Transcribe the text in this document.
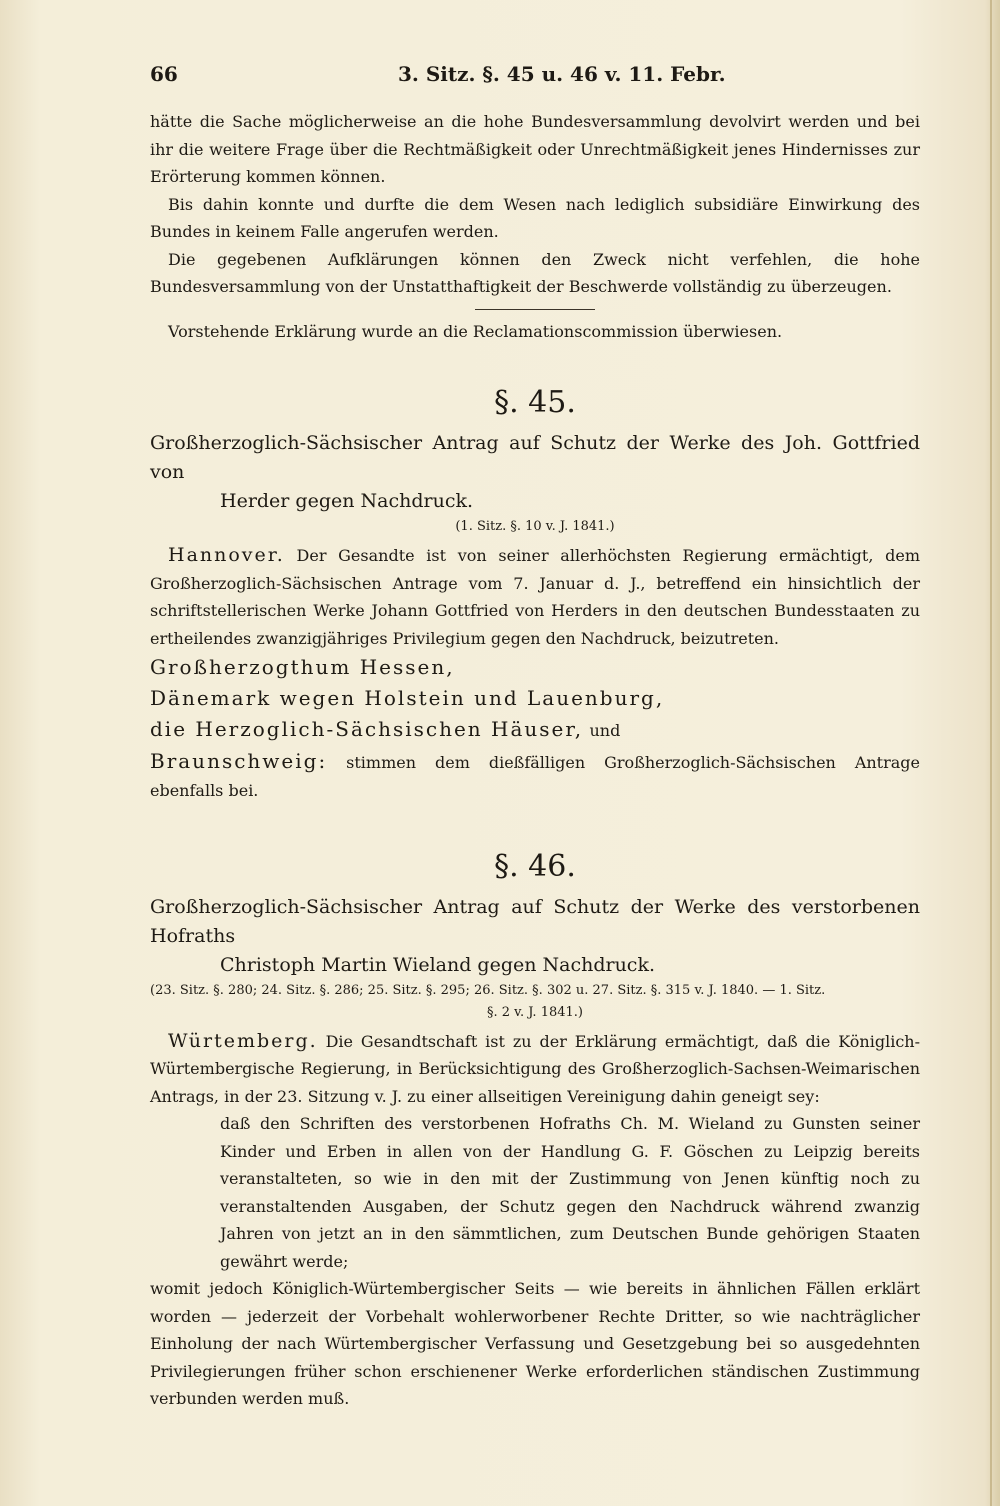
66	3. Sitz. §. 45 u. 46 v. 11. Febr.

hätte die Sache möglicherweise an die hohe Bundesversammlung devolvirt werden und bei ihr die weitere Frage über die Rechtmäßigkeit oder Unrechtmäßigkeit jenes Hindernisses zur Erörterung kommen können.

Bis dahin konnte und durfte die dem Wesen nach lediglich subsidiäre Einwirkung des Bundes in keinem Falle angerufen werden.

Die gegebenen Aufklärungen können den Zweck nicht verfehlen, die hohe Bundesversammlung von der Unstatthaftigkeit der Beschwerde vollständig zu überzeugen.

Vorstehende Erklärung wurde an die Reclamationscommission überwiesen.

§. 45.
Großherzoglich-Sächsischer Antrag auf Schutz der Werke des Joh. Gottfried von
Herder gegen Nachdruck.
(1. Sitz. §. 10 v. J. 1841.)

Hannover. Der Gesandte ist von seiner allerhöchsten Regierung ermächtigt, dem Großherzoglich-Sächsischen Antrage vom 7. Januar d. J., betreffend ein hinsichtlich der schriftstellerischen Werke Johann Gottfried von Herders in den deutschen Bundesstaaten zu ertheilendes zwanzigjähriges Privilegium gegen den Nachdruck, beizutreten.

Großherzogthum Hessen,
Dänemark wegen Holstein und Lauenburg,
die Herzoglich-Sächsischen Häuser, und

Braunschweig: stimmen dem dießfälligen Großherzoglich-Sächsischen Antrage ebenfalls bei.

§. 46.
Großherzoglich-Sächsischer Antrag auf Schutz der Werke des verstorbenen Hofraths
Christoph Martin Wieland gegen Nachdruck.
(23. Sitz. §. 280; 24. Sitz. §. 286; 25. Sitz. §. 295; 26. Sitz. §. 302 u. 27. Sitz. §. 315 v. J. 1840. — 1. Sitz.
§. 2 v. J. 1841.)

Würtemberg. Die Gesandtschaft ist zu der Erklärung ermächtigt, daß die Königlich-Würtembergische Regierung, in Berücksichtigung des Großherzoglich-Sachsen-Weimarischen Antrags, in der 23. Sitzung v. J. zu einer allseitigen Vereinigung dahin geneigt sey:

daß den Schriften des verstorbenen Hofraths Ch. M. Wieland zu Gunsten seiner Kinder und Erben in allen von der Handlung G. F. Göschen zu Leipzig bereits veranstalteten, so wie in den mit der Zustimmung von Jenen künftig noch zu veranstaltenden Ausgaben, der Schutz gegen den Nachdruck während zwanzig Jahren von jetzt an in den sämmtlichen, zum Deutschen Bunde gehörigen Staaten gewährt werde;

womit jedoch Königlich-Würtembergischer Seits — wie bereits in ähnlichen Fällen erklärt worden — jederzeit der Vorbehalt wohlerworbener Rechte Dritter, so wie nachträglicher Einholung der nach Würtembergischer Verfassung und Gesetzgebung bei so ausgedehnten Privilegierungen früher schon erschienener Werke erforderlichen ständischen Zustimmung verbunden werden muß.
